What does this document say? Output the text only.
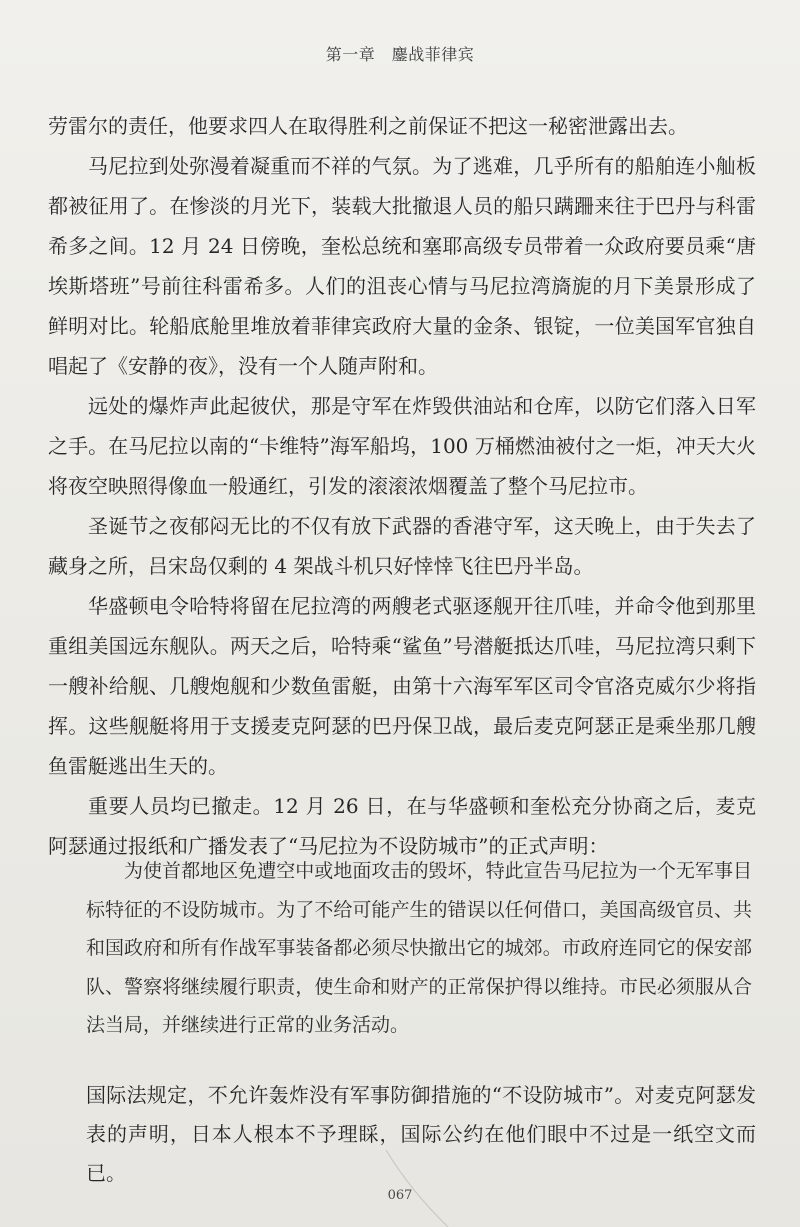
第一章　鏖战菲律宾

劳雷尔的责任，他要求四人在取得胜利之前保证不把这一秘密泄露出去。

马尼拉到处弥漫着凝重而不祥的气氛。为了逃难，几乎所有的船舶连小舢板都被征用了。在惨淡的月光下，装载大批撤退人员的船只蹒跚来往于巴丹与科雷希多之间。12 月 24 日傍晚，奎松总统和塞耶高级专员带着一众政府要员乘“唐埃斯塔班”号前往科雷希多。人们的沮丧心情与马尼拉湾旖旎的月下美景形成了鲜明对比。轮船底舱里堆放着菲律宾政府大量的金条、银锭，一位美国军官独自唱起了《安静的夜》，没有一个人随声附和。

远处的爆炸声此起彼伏，那是守军在炸毁供油站和仓库，以防它们落入日军之手。在马尼拉以南的“卡维特”海军船坞，100 万桶燃油被付之一炬，冲天大火将夜空映照得像血一般通红，引发的滚滚浓烟覆盖了整个马尼拉市。

圣诞节之夜郁闷无比的不仅有放下武器的香港守军，这天晚上，由于失去了藏身之所，吕宋岛仅剩的 4 架战斗机只好悻悻飞往巴丹半岛。

华盛顿电令哈特将留在尼拉湾的两艘老式驱逐舰开往爪哇，并命令他到那里重组美国远东舰队。两天之后，哈特乘“鲨鱼”号潜艇抵达爪哇，马尼拉湾只剩下一艘补给舰、几艘炮舰和少数鱼雷艇，由第十六海军军区司令官洛克威尔少将指挥。这些舰艇将用于支援麦克阿瑟的巴丹保卫战，最后麦克阿瑟正是乘坐那几艘鱼雷艇逃出生天的。

重要人员均已撤走。12 月 26 日，在与华盛顿和奎松充分协商之后，麦克阿瑟通过报纸和广播发表了“马尼拉为不设防城市”的正式声明：

为使首都地区免遭空中或地面攻击的毁坏，特此宣告马尼拉为一个无军事目标特征的不设防城市。为了不给可能产生的错误以任何借口，美国高级官员、共和国政府和所有作战军事装备都必须尽快撤出它的城郊。市政府连同它的保安部队、警察将继续履行职责，使生命和财产的正常保护得以维持。市民必须服从合法当局，并继续进行正常的业务活动。

国际法规定，不允许轰炸没有军事防御措施的“不设防城市”。对麦克阿瑟发表的声明，日本人根本不予理睬，国际公约在他们眼中不过是一纸空文而已。

067
